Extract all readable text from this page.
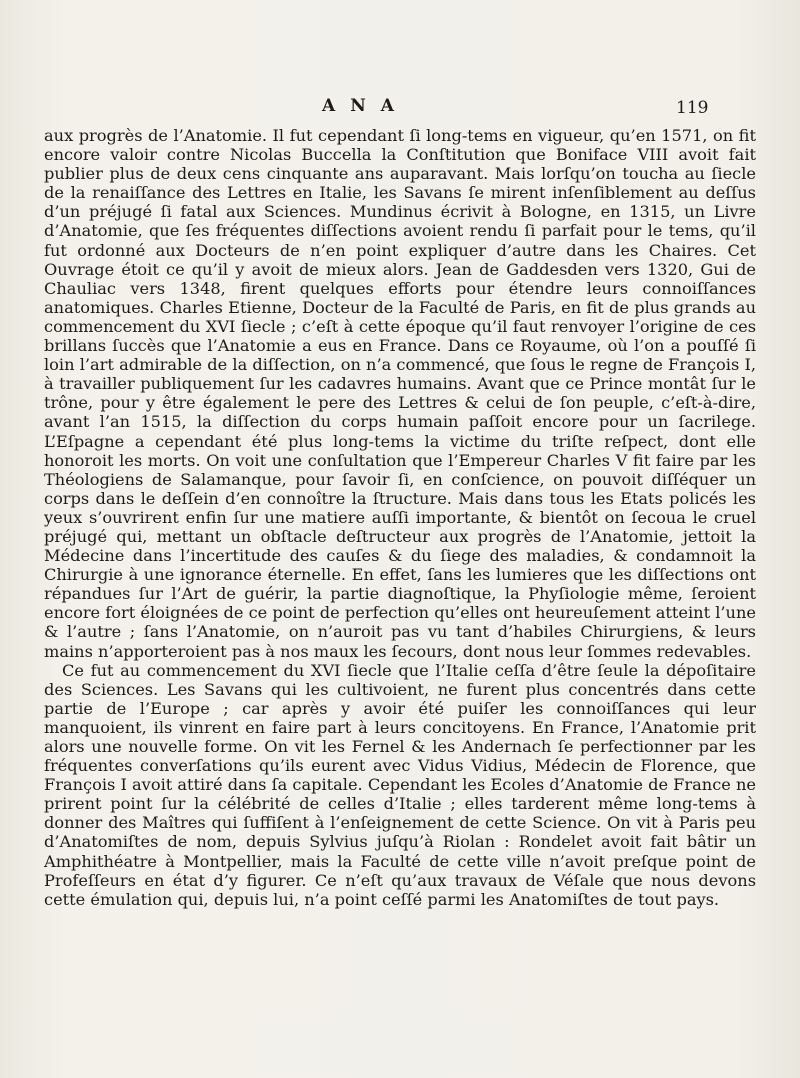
ANA	119

aux progrès de l’Anatomie. Il fut cependant ſi long-tems en vigueur, qu’en 1571, on fit encore valoir contre Nicolas Buccella la Conſtitution que Boniface VIII avoit fait publier plus de deux cens cinquante ans auparavant. Mais lorſqu’on toucha au ſiecle de la renaiſſance des Lettres en Italie, les Savans ſe mirent inſenſiblement au deſſus d’un préjugé ſi fatal aux Sciences. Mundinus écrivit à Bologne, en 1315, un Livre d’Anatomie, que ſes fréquentes diſſections avoient rendu ſi parfait pour le tems, qu’il fut ordonné aux Docteurs de n’en point expliquer d’autre dans les Chaires. Cet Ouvrage étoit ce qu’il y avoit de mieux alors. Jean de Gaddesden vers 1320, Gui de Chauliac vers 1348, firent quelques efforts pour étendre leurs connoiſſances anatomiques. Charles Etienne, Docteur de la Faculté de Paris, en fit de plus grands au commencement du XVI ſiecle ; c’eſt à cette époque qu’il faut renvoyer l’origine de ces brillans ſuccès que l’Anatomie a eus en France. Dans ce Royaume, où l’on a pouſſé ſi loin l’art admirable de la diſſection, on n’a commencé, que ſous le regne de François I, à travailler publiquement ſur les cadavres humains. Avant que ce Prince montât ſur le trône, pour y être également le pere des Lettres & celui de ſon peuple, c’eſt-à-dire, avant l’an 1515, la diſſection du corps humain paſſoit encore pour un ſacrilege. L’Eſpagne a cependant été plus long-tems la victime du triſte reſpect, dont elle honoroit les morts. On voit une conſultation que l’Empereur Charles V fit faire par les Théologiens de Salamanque, pour ſavoir ſi, en conſcience, on pouvoit diſſéquer un corps dans le deſſein d’en connoître la ſtructure. Mais dans tous les Etats policés les yeux s’ouvrirent enfin ſur une matiere auſſi importante, & bientôt on ſecoua le cruel préjugé qui, mettant un obſtacle deſtructeur aux progrès de l’Anatomie, jettoit la Médecine dans l’incertitude des cauſes & du ſiege des maladies, & condamnoit la Chirurgie à une ignorance éternelle. En effet, ſans les lumieres que les diſſections ont répandues ſur l’Art de guérir, la partie diagnoſtique, la Phyſiologie même, ſeroient encore fort éloignées de ce point de perfection qu’elles ont heureuſement atteint l’une & l’autre ; ſans l’Anatomie, on n’auroit pas vu tant d’habiles Chirurgiens, & leurs mains n’apporteroient pas à nos maux les ſecours, dont nous leur ſommes redevables.

Ce fut au commencement du XVI ſiecle que l’Italie ceſſa d’être ſeule la dépoſitaire des Sciences. Les Savans qui les cultivoient, ne furent plus concentrés dans cette partie de l’Europe ; car après y avoir été puiſer les connoiſſances qui leur manquoient, ils vinrent en faire part à leurs concitoyens. En France, l’Anatomie prit alors une nouvelle forme. On vit les Fernel & les Andernach ſe perfectionner par les fréquentes converſations qu’ils eurent avec Vidus Vidius, Médecin de Florence, que François I avoit attiré dans ſa capitale. Cependant les Ecoles d’Anatomie de France ne prirent point ſur la célébrité de celles d’Italie ; elles tarderent même long-tems à donner des Maîtres qui ſuffiſent à l’enſeignement de cette Science. On vit à Paris peu d’Anatomiſtes de nom, depuis Sylvius juſqu’à Riolan : Rondelet avoit fait bâtir un Amphithéatre à Montpellier, mais la Faculté de cette ville n’avoit preſque point de Profeſſeurs en état d’y figurer. Ce n’eſt qu’aux travaux de Véſale que nous devons cette émulation qui, depuis lui, n’a point ceſſé parmi les Anatomiſtes de tout pays.
